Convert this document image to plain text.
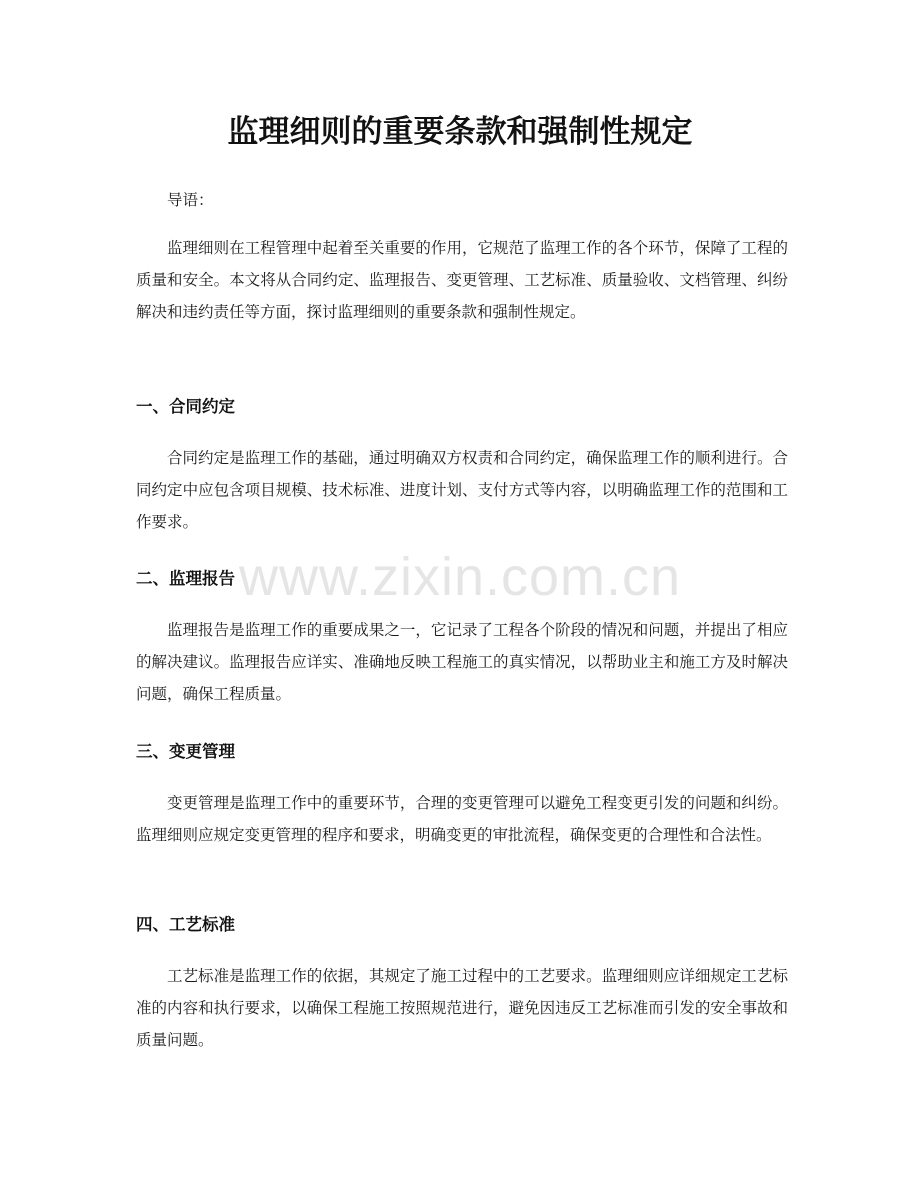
监理细则的重要条款和强制性规定

导语：

监理细则在工程管理中起着至关重要的作用，它规范了监理工作的各个环节，保障了工程的质量和安全。本文将从合同约定、监理报告、变更管理、工艺标准、质量验收、文档管理、纠纷解决和违约责任等方面，探讨监理细则的重要条款和强制性规定。

一、合同约定

合同约定是监理工作的基础，通过明确双方权责和合同约定，确保监理工作的顺利进行。合同约定中应包含项目规模、技术标准、进度计划、支付方式等内容，以明确监理工作的范围和工作要求。

二、监理报告

监理报告是监理工作的重要成果之一，它记录了工程各个阶段的情况和问题，并提出了相应的解决建议。监理报告应详实、准确地反映工程施工的真实情况，以帮助业主和施工方及时解决问题，确保工程质量。

三、变更管理

变更管理是监理工作中的重要环节，合理的变更管理可以避免工程变更引发的问题和纠纷。监理细则应规定变更管理的程序和要求，明确变更的审批流程，确保变更的合理性和合法性。

四、工艺标准

工艺标准是监理工作的依据，其规定了施工过程中的工艺要求。监理细则应详细规定工艺标准的内容和执行要求，以确保工程施工按照规范进行，避免因违反工艺标准而引发的安全事故和质量问题。

www.zixin.com.cn
